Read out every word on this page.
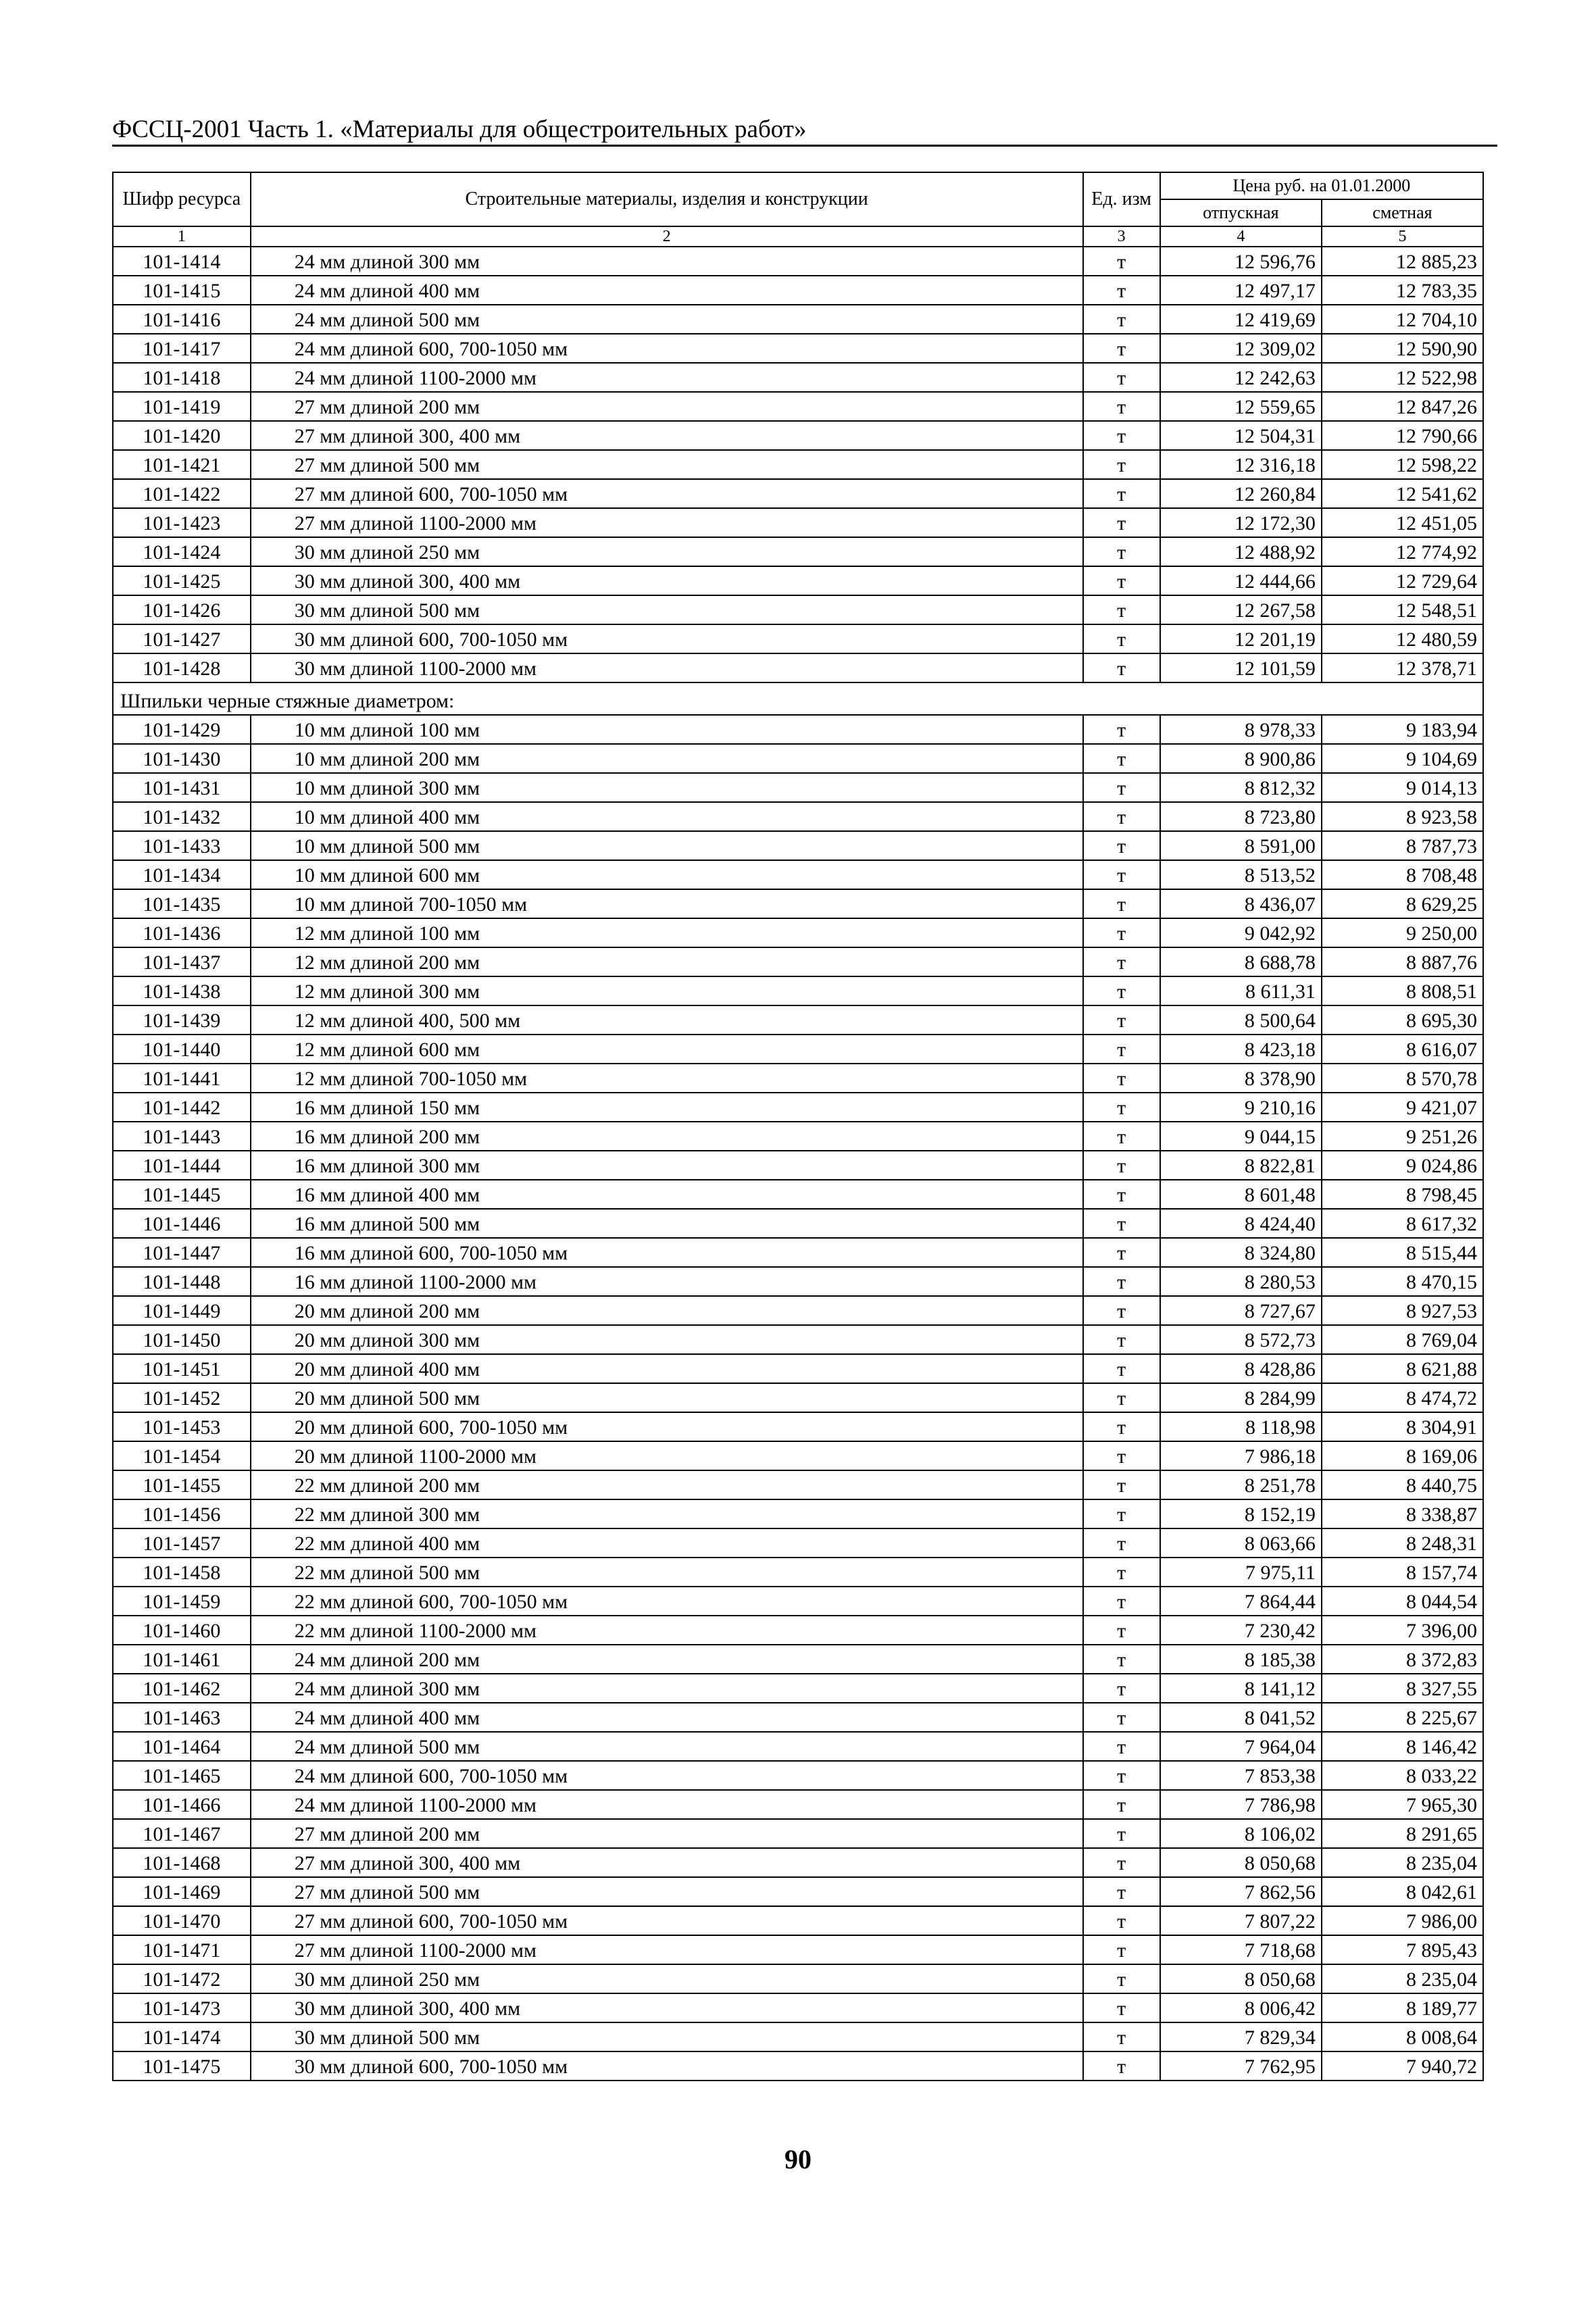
ФССЦ-2001 Часть 1. «Материалы для общестроительных работ»
Шифр ресурса	Строительные материалы, изделия и конструкции	Ед. изм	Цена руб. на 01.01.2000	
			отпускная	сметная
1	2	3	4	5
101-1414	24 мм длиной 300 мм	т	12 596,76	12 885,23
101-1415	24 мм длиной 400 мм	т	12 497,17	12 783,35
101-1416	24 мм длиной 500 мм	т	12 419,69	12 704,10
101-1417	24 мм длиной 600, 700-1050 мм	т	12 309,02	12 590,90
101-1418	24 мм длиной 1100-2000 мм	т	12 242,63	12 522,98
101-1419	27 мм длиной 200 мм	т	12 559,65	12 847,26
101-1420	27 мм длиной 300, 400 мм	т	12 504,31	12 790,66
101-1421	27 мм длиной 500 мм	т	12 316,18	12 598,22
101-1422	27 мм длиной 600, 700-1050 мм	т	12 260,84	12 541,62
101-1423	27 мм длиной 1100-2000 мм	т	12 172,30	12 451,05
101-1424	30 мм длиной 250 мм	т	12 488,92	12 774,92
101-1425	30 мм длиной 300, 400 мм	т	12 444,66	12 729,64
101-1426	30 мм длиной 500 мм	т	12 267,58	12 548,51
101-1427	30 мм длиной 600, 700-1050 мм	т	12 201,19	12 480,59
101-1428	30 мм длиной 1100-2000 мм	т	12 101,59	12 378,71
Шпильки черные стяжные диаметром:				
101-1429	10 мм длиной 100 мм	т	8 978,33	9 183,94
101-1430	10 мм длиной 200 мм	т	8 900,86	9 104,69
101-1431	10 мм длиной 300 мм	т	8 812,32	9 014,13
101-1432	10 мм длиной 400 мм	т	8 723,80	8 923,58
101-1433	10 мм длиной 500 мм	т	8 591,00	8 787,73
101-1434	10 мм длиной 600 мм	т	8 513,52	8 708,48
101-1435	10 мм длиной 700-1050 мм	т	8 436,07	8 629,25
101-1436	12 мм длиной 100 мм	т	9 042,92	9 250,00
101-1437	12 мм длиной 200 мм	т	8 688,78	8 887,76
101-1438	12 мм длиной 300 мм	т	8 611,31	8 808,51
101-1439	12 мм длиной 400, 500 мм	т	8 500,64	8 695,30
101-1440	12 мм длиной 600 мм	т	8 423,18	8 616,07
101-1441	12 мм длиной 700-1050 мм	т	8 378,90	8 570,78
101-1442	16 мм длиной 150 мм	т	9 210,16	9 421,07
101-1443	16 мм длиной 200 мм	т	9 044,15	9 251,26
101-1444	16 мм длиной 300 мм	т	8 822,81	9 024,86
101-1445	16 мм длиной 400 мм	т	8 601,48	8 798,45
101-1446	16 мм длиной 500 мм	т	8 424,40	8 617,32
101-1447	16 мм длиной 600, 700-1050 мм	т	8 324,80	8 515,44
101-1448	16 мм длиной 1100-2000 мм	т	8 280,53	8 470,15
101-1449	20 мм длиной 200 мм	т	8 727,67	8 927,53
101-1450	20 мм длиной 300 мм	т	8 572,73	8 769,04
101-1451	20 мм длиной 400 мм	т	8 428,86	8 621,88
101-1452	20 мм длиной 500 мм	т	8 284,99	8 474,72
101-1453	20 мм длиной 600, 700-1050 мм	т	8 118,98	8 304,91
101-1454	20 мм длиной 1100-2000 мм	т	7 986,18	8 169,06
101-1455	22 мм длиной 200 мм	т	8 251,78	8 440,75
101-1456	22 мм длиной 300 мм	т	8 152,19	8 338,87
101-1457	22 мм длиной 400 мм	т	8 063,66	8 248,31
101-1458	22 мм длиной 500 мм	т	7 975,11	8 157,74
101-1459	22 мм длиной 600, 700-1050 мм	т	7 864,44	8 044,54
101-1460	22 мм длиной 1100-2000 мм	т	7 230,42	7 396,00
101-1461	24 мм длиной 200 мм	т	8 185,38	8 372,83
101-1462	24 мм длиной 300 мм	т	8 141,12	8 327,55
101-1463	24 мм длиной 400 мм	т	8 041,52	8 225,67
101-1464	24 мм длиной 500 мм	т	7 964,04	8 146,42
101-1465	24 мм длиной 600, 700-1050 мм	т	7 853,38	8 033,22
101-1466	24 мм длиной 1100-2000 мм	т	7 786,98	7 965,30
101-1467	27 мм длиной 200 мм	т	8 106,02	8 291,65
101-1468	27 мм длиной 300, 400 мм	т	8 050,68	8 235,04
101-1469	27 мм длиной 500 мм	т	7 862,56	8 042,61
101-1470	27 мм длиной 600, 700-1050 мм	т	7 807,22	7 986,00
101-1471	27 мм длиной 1100-2000 мм	т	7 718,68	7 895,43
101-1472	30 мм длиной 250 мм	т	8 050,68	8 235,04
101-1473	30 мм длиной 300, 400 мм	т	8 006,42	8 189,77
101-1474	30 мм длиной 500 мм	т	7 829,34	8 008,64
101-1475	30 мм длиной 600, 700-1050 мм	т	7 762,95	7 940,72
90
